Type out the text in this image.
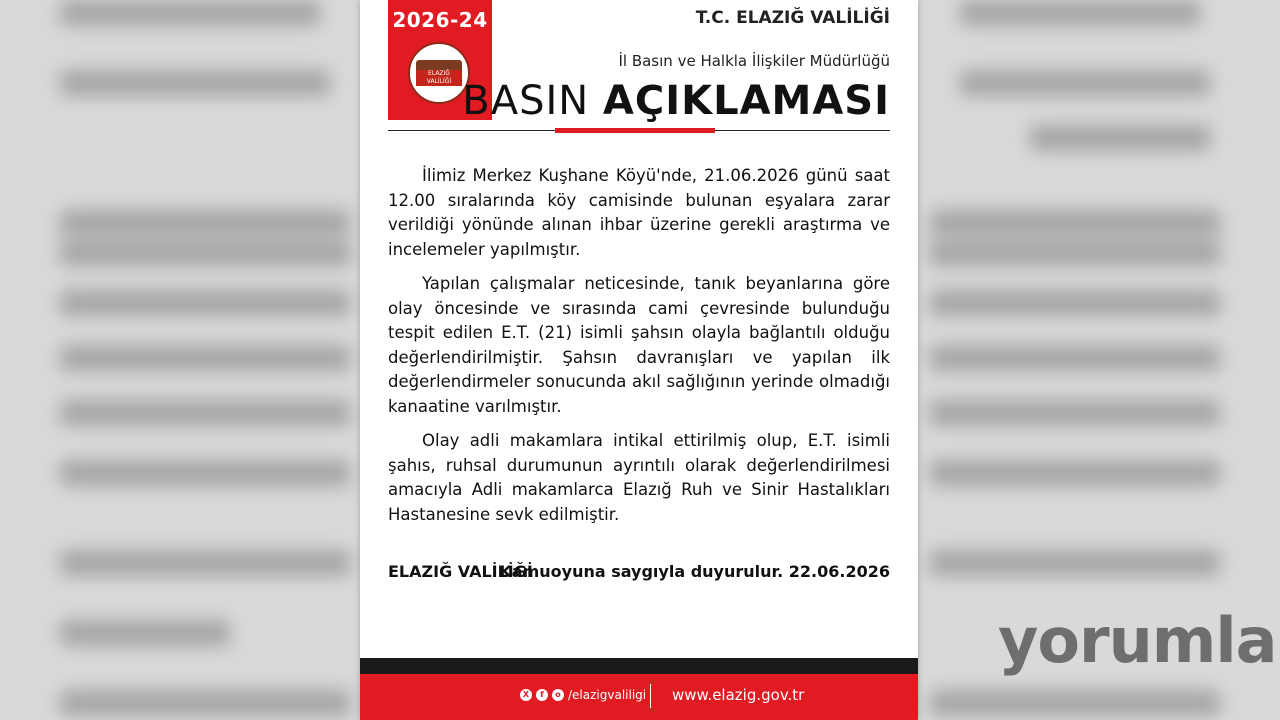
2026-24
ELAZIĞ VALİLİĞİ
T.C. ELAZIĞ VALİLİĞİ
İl Basın ve Halkla İlişkiler Müdürlüğü
BASIN AÇIKLAMASI

İlimiz Merkez Kuşhane Köyü'nde, 21.06.2026 günü saat 12.00 sıralarında köy camisinde bulunan eşyalara zarar verildiği yönünde alınan ihbar üzerine gerekli araştırma ve incelemeler yapılmıştır.

Yapılan çalışmalar neticesinde, tanık beyanlarına göre olay öncesinde ve sırasında cami çevresinde bulunduğu tespit edilen E.T. (21) isimli şahsın olayla bağlantılı olduğu değerlendirilmiştir. Şahsın davranışları ve yapılan ilk değerlendirmeler sonucunda akıl sağlığının yerinde olmadığı kanaatine varılmıştır.

Olay adli makamlara intikal ettirilmiş olup, E.T. isimli şahıs, ruhsal durumunun ayrıntılı olarak değerlendirilmesi amacıyla Adli makamlarca Elazığ Ruh ve Sinir Hastalıkları Hastanesine sevk edilmiştir.

ELAZIĞ VALİLİĞİ
Kamuoyuna saygıyla duyurulur. 22.06.2026
X	f	o /elazigvaliligi www.elazig.gov.tr
yorumla
